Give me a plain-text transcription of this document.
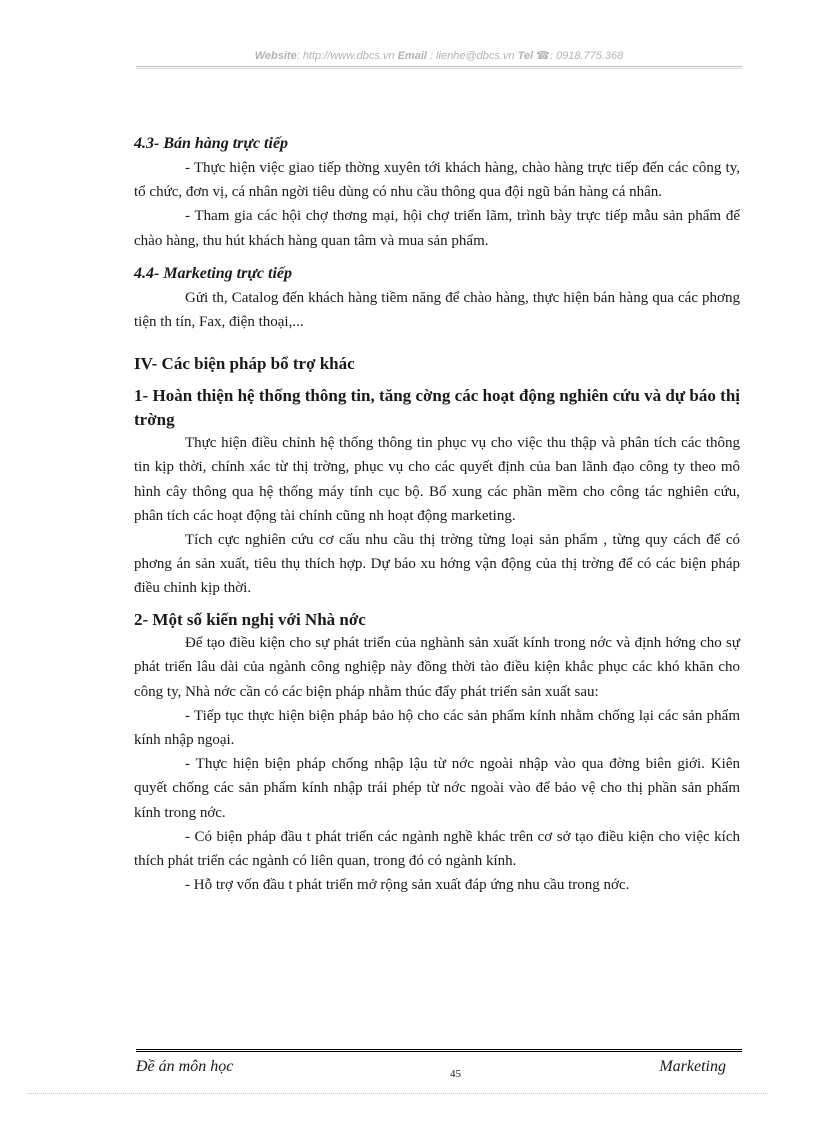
Website: http://www.dbcs.vn Email : lienhe@dbcs.vn Tel ☎: 0918.775.368

4.3- Bán hàng trực tiếp

- Thực hiện việc giao tiếp thờng xuyên tới khách hàng, chào hàng trực tiếp đến các công ty, tổ chức, đơn vị, cá nhân ngời tiêu dùng có nhu cầu thông qua đội ngũ bán hàng cá nhân.

- Tham gia các hội chợ thơng mại, hội chợ triển lãm, trình bày trực tiếp mẫu sản phẩm để chào hàng, thu hút khách hàng quan tâm và mua sản phẩm.

4.4- Marketing trực tiếp

Gửi th, Catalog đến khách hàng tiềm năng để chào hàng, thực hiện bán hàng qua các phơng tiện th tín, Fax, điện thoại,...

IV- Các biện pháp bổ trợ khác

1- Hoàn thiện hệ thống thông tin, tăng cờng các hoạt động nghiên cứu và dự báo thị trờng

Thực hiện điều chỉnh hệ thống thông tin phục vụ cho việc thu thập và phân tích các thông tin kịp thời, chính xác từ thị trờng, phục vụ cho các quyết định của ban lãnh đạo công ty theo mô hình cây thông qua hệ thống máy tính cục bộ. Bổ xung các phần mềm cho công tác nghiên cứu, phân tích các hoạt động tài chính cũng nh hoạt động marketing.

Tích cực nghiên cứu cơ cấu nhu cầu thị trờng từng loại sản phẩm , từng quy cách để có phơng án sản xuất, tiêu thụ thích hợp. Dự báo xu hớng vận động của thị trờng để có các biện pháp điều chỉnh kịp thời.

2- Một số kiến nghị với Nhà nớc

Để tạo điều kiện cho sự phát triển của nghành sản xuất kính trong nớc và định hớng cho sự phát triển lâu dài của ngành công nghiệp này đồng thời tào điều kiện khắc phục các khó khăn cho công ty, Nhà nớc cần có các biện pháp nhằm thúc đẩy phát triển sản xuất sau:

- Tiếp tục thực hiện biện pháp bảo hộ cho các sản phẩm kính nhằm chống lại các sản phẩm kính nhập ngoại.

- Thực hiện biện pháp chống nhập lậu từ nớc ngoài nhập vào qua đờng biên giới. Kiên quyết chống các sản phẩm kính nhập trái phép từ nớc ngoài vào để bảo vệ cho thị phần sản phẩm kính trong nớc.

- Có biện pháp đầu t phát triển các ngành nghề khác trên cơ sở tạo điều kiện cho việc kích thích phát triển các ngành có liên quan, trong đó có ngành kính.

- Hỗ trợ vốn đầu t phát triển mở rộng sản xuất đáp ứng nhu cầu trong nớc.

Đề án môn học	45	Marketing
